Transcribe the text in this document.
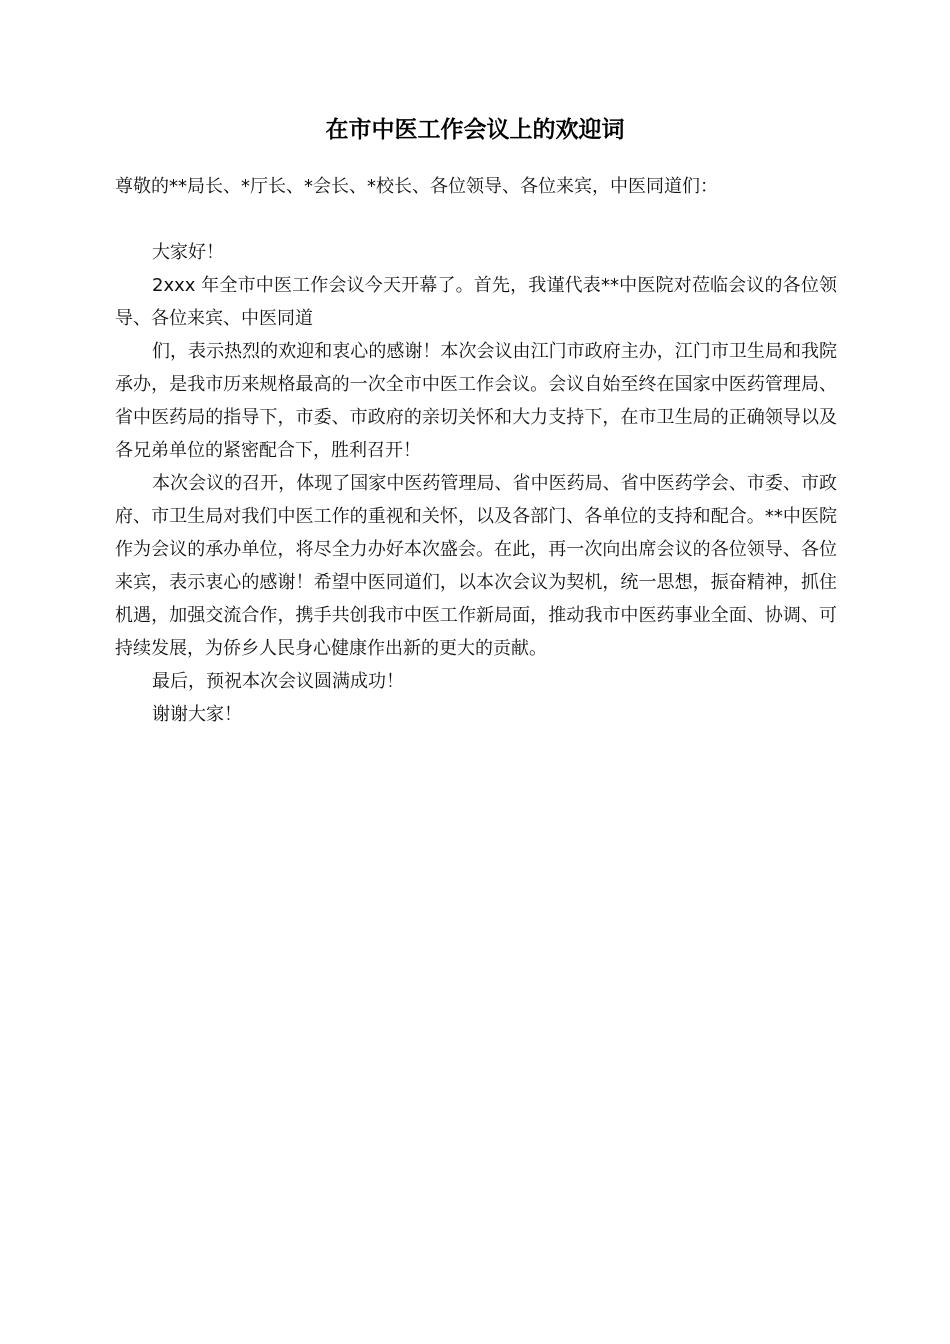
在市中医工作会议上的欢迎词

尊敬的**局长、*厅长、*会长、*校长、各位领导、各位来宾，中医同道们：

大家好！

2xxx 年全市中医工作会议今天开幕了。首先，我谨代表**中医院对莅临会议的各位领导、各位来宾、中医同道

们，表示热烈的欢迎和衷心的感谢！本次会议由江门市政府主办，江门市卫生局和我院承办，是我市历来规格最高的一次全市中医工作会议。会议自始至终在国家中医药管理局、省中医药局的指导下，市委、市政府的亲切关怀和大力支持下，在市卫生局的正确领导以及各兄弟单位的紧密配合下，胜利召开！

本次会议的召开，体现了国家中医药管理局、省中医药局、省中医药学会、市委、市政府、市卫生局对我们中医工作的重视和关怀，以及各部门、各单位的支持和配合。**中医院作为会议的承办单位，将尽全力办好本次盛会。在此，再一次向出席会议的各位领导、各位来宾，表示衷心的感谢！希望中医同道们，以本次会议为契机，统一思想，振奋精神，抓住机遇，加强交流合作，携手共创我市中医工作新局面，推动我市中医药事业全面、协调、可持续发展，为侨乡人民身心健康作出新的更大的贡献。

最后，预祝本次会议圆满成功！

谢谢大家！
